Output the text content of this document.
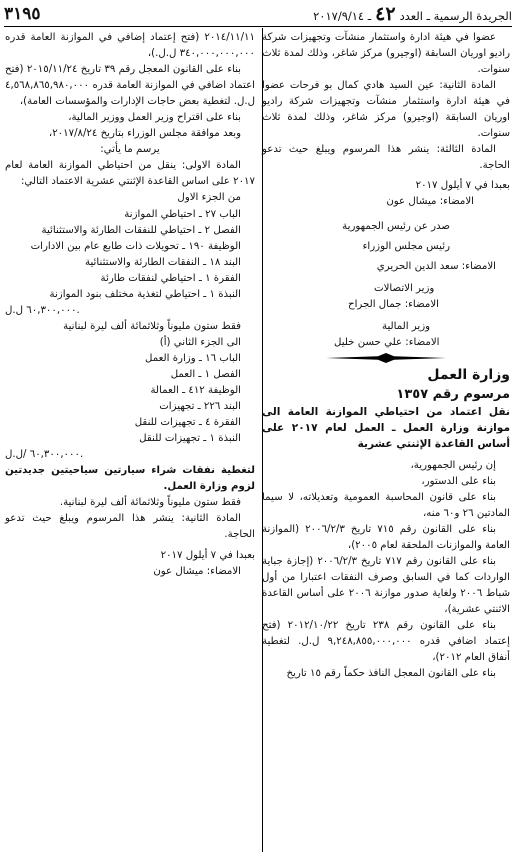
الجريدة الرسمية ـ العدد٤٢ـ ٢٠١٧/٩/١٤
٣١٩٥

عضوا في هيئة ادارة واستثمار منشآت وتجهيزات شركة راديو اوريان السابقة (اوجيرو) مركز شاغر، وذلك لمدة ثلاث سنوات.

المادة الثانية: عين السيد هادي كمال بو فرحات عضوا في هيئة ادارة واستثمار منشآت وتجهيزات شركة راديو اوريان السابقة (اوجيرو) مركز شاغر، وذلك لمدة ثلاث سنوات.

المادة الثالثة: ينشر هذا المرسوم ويبلغ حيث تدعو الحاجة.

بعبدا في ٧ أيلول ٢٠١٧

الامضاء: ميشال عون

صدر عن رئيس الجمهورية

رئيس مجلس الوزراء

الامضاء: سعد الدين الحريري

وزير الاتصالات

الامضاء: جمال الجراح

وزير المالية

الامضاء: علي حسن خليل

وزارة العمل

مرسوم رقم ١٣٥٧

نقل اعتماد من احتياطي الموازنة العامة الى موازنة وزارة العمل ـ العمل لعام ٢٠١٧ على أساس القاعدة الإثنتي عشرية

إن رئيس الجمهورية،

بناء على الدستور،

بناء على قانون المحاسبة العمومية وتعديلاته، لا سيما المادتين ٢٦ و٦٠ منه،

بناء على القانون رقم ٧١٥ تاريخ ٢٠٠٦/٢/٣ (الموازنة العامة والموازنات الملحقة لعام ٢٠٠٥)،

بناء على القانون رقم ٧١٧ تاريخ ٢٠٠٦/٢/٣ (إجازة جباية الواردات كما في السابق وصرف النفقات اعتبارا من أول شباط ٢٠٠٦ ولغاية صدور موازنة ٢٠٠٦ على أساس القاعدة الاثنتي عشرية)،

بناء على القانون رقم ٢٣٨ تاريخ ٢٠١٢/١٠/٢٢ (فتح إعتماد اضافي قدره ٩,٢٤٨,٨٥٥,٠٠٠,٠٠٠ ل.ل. لتغطية أنفاق العام ٢٠١٢)،

بناء على القانون المعجل النافذ حكماً رقم ١٥ تاريخ

٢٠١٤/١١/١١ (فتح إعتماد إضافي في الموازنة العامة قدره ٣٤٠,٠٠٠,٠٠٠,٠٠٠ ل.ل.)،

بناء على القانون المعجل رقم ٣٩ تاريخ ٢٠١٥/١١/٢٤ (فتح اعتماد اضافي في الموازنة العامة قدره ٤,٥٦٨,٨٦٥,٩٨٠,٠٠٠ ل.ل. لتغطية بعض حاجات الإدارات والمؤسسات العامة)،

بناء على اقتراح وزير العمل ووزير المالية،

وبعد موافقة مجلس الوزراء بتاريخ ٢٠١٧/٨/٢٤،

يرسم ما يأتي:

المادة الاولى: ينقل من احتياطي الموازنة العامة لعام ٢٠١٧ على اساس القاعدة الإثنتي عشرية الاعتماد التالي:

من الجزء الاول

الباب ٢٧ ـ احتياطي الموازنة

الفصل ٢ ـ احتياطي للنفقات الطارئة والاستثنائية

الوظيفة ١٩٠ ـ تحويلات ذات طابع عام بين الادارات

البند ١٨ ـ النفقات الطارئة والاستثنائية

الفقرة ١ ـ احتياطي لنفقات طارئة

النبذة ١ ـ احتياطي لتغذية مختلف بنود الموازنة

٦٠,٣٠٠,٠٠٠ ل.ل.

فقط ستون مليوناً وثلاثمائة ألف ليرة لبنانية

الى الجزء الثاني (أ)

الباب ١٦ ـ وزارة العمل

الفصل ١ ـ العمل

الوظيفة ٤١٢ ـ العمالة

البند ٢٢٦ ـ تجهيزات

الفقرة ٤ ـ تجهيزات للنقل

النبذة ١ ـ تجهيزات للنقل

٦٠,٣٠٠,٠٠٠ /ل.ل.

لتغطية نفقات شراء سيارتين سياحيتين جديدتين لزوم وزارة العمل.

فقط ستون مليوناً وثلاثمائة ألف ليرة لبنانية.

المادة الثانية: ينشر هذا المرسوم ويبلغ حيث تدعو الحاجة.

بعبدا في ٧ أيلول ٢٠١٧

الامضاء: ميشال عون
